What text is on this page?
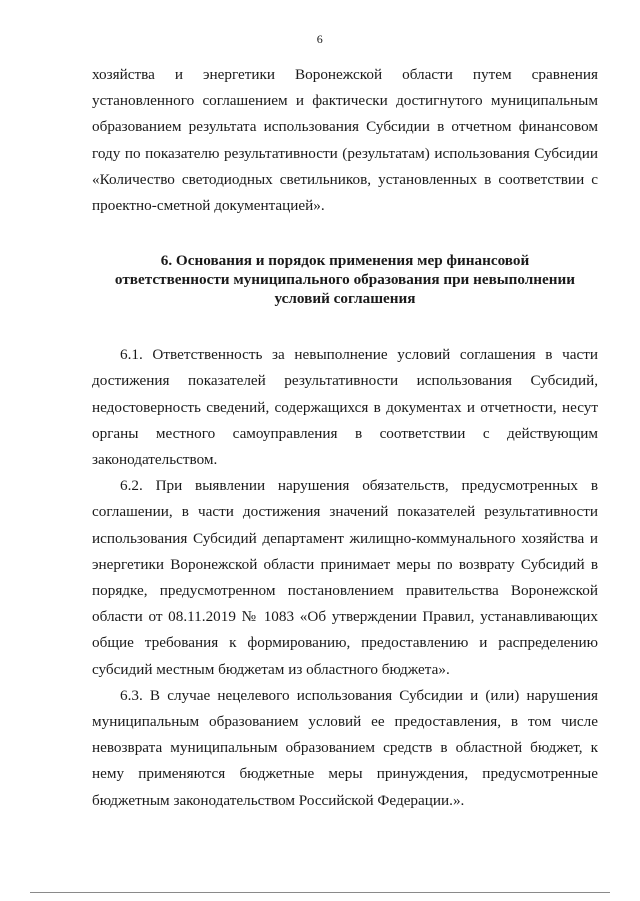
6

хозяйства и энергетики Воронежской области путем сравнения установленного соглашением и фактически достигнутого муниципальным образованием результата использования Субсидии в отчетном финансовом году по показателю результативности (результатам) использования Субсидии «Количество светодиодных светильников, установленных в соответствии с проектно-сметной документацией».

6. Основания и порядок применения мер финансовой ответственности муниципального образования при невыполнении условий соглашения

6.1. Ответственность за невыполнение условий соглашения в части достижения показателей результативности использования Субсидий, недостоверность сведений, содержащихся в документах и отчетности, несут органы местного самоуправления в соответствии с действующим законодательством.

6.2. При выявлении нарушения обязательств, предусмотренных в соглашении, в части достижения значений показателей результативности использования Субсидий департамент жилищно-коммунального хозяйства и энергетики Воронежской области принимает меры по возврату Субсидий в порядке, предусмотренном постановлением правительства Воронежской области от 08.11.2019 № 1083 «Об утверждении Правил, устанавливающих общие требования к формированию, предоставлению и распределению субсидий местным бюджетам из областного бюджета».

6.3. В случае нецелевого использования Субсидии и (или) нарушения муниципальным образованием условий ее предоставления, в том числе невозврата муниципальным образованием средств в областной бюджет, к нему применяются бюджетные меры принуждения, предусмотренные бюджетным законодательством Российской Федерации.».
